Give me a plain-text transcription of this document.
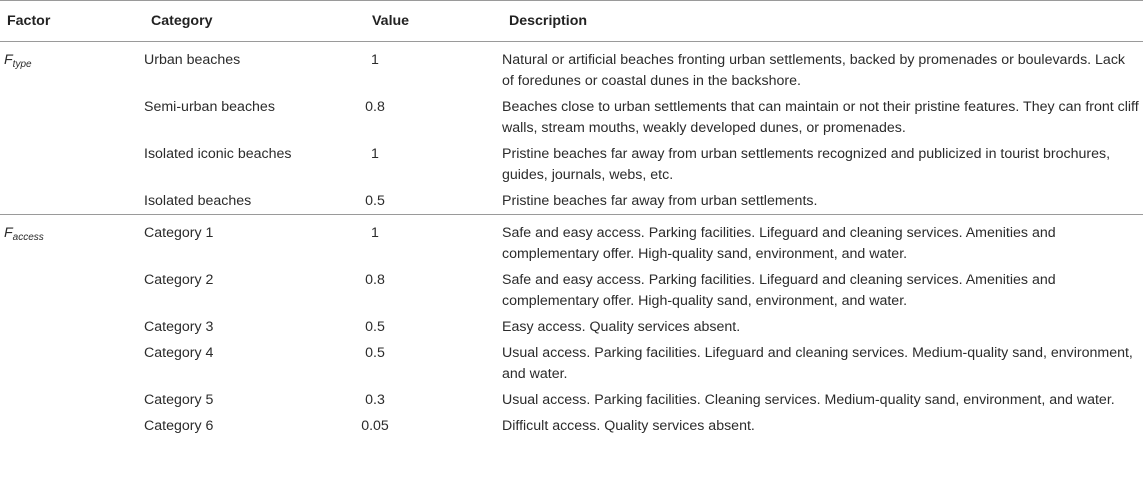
Factor	Category	Value	Description
$F_{type}$	Urban beaches	1	Natural or artificial beaches fronting urban settlements, backed by promenades or boulevards. Lack of foredunes or coastal dunes in the backshore.
	Semi-urban beaches	0.8	Beaches close to urban settlements that can maintain or not their pristine features. They can front cliff walls, stream mouths, weakly developed dunes, or promenades.
	Isolated iconic beaches	1	Pristine beaches far away from urban settlements recognized and publicized in tourist brochures, guides, journals, webs, etc.
	Isolated beaches	0.5	Pristine beaches far away from urban settlements.
$F_{access}$	Category 1	1	Safe and easy access. Parking facilities. Lifeguard and cleaning services. Amenities and complementary offer. High-quality sand, environment, and water.
	Category 2	0.8	Safe and easy access. Parking facilities. Lifeguard and cleaning services. Amenities and complementary offer. High-quality sand, environment, and water.
	Category 3	0.5	Easy access. Quality services absent.
	Category 4	0.5	Usual access. Parking facilities. Lifeguard and cleaning services. Medium-quality sand, environment, and water.
	Category 5	0.3	Usual access. Parking facilities. Cleaning services. Medium-quality sand, environment, and water.
	Category 6	0.05	Difficult access. Quality services absent.
